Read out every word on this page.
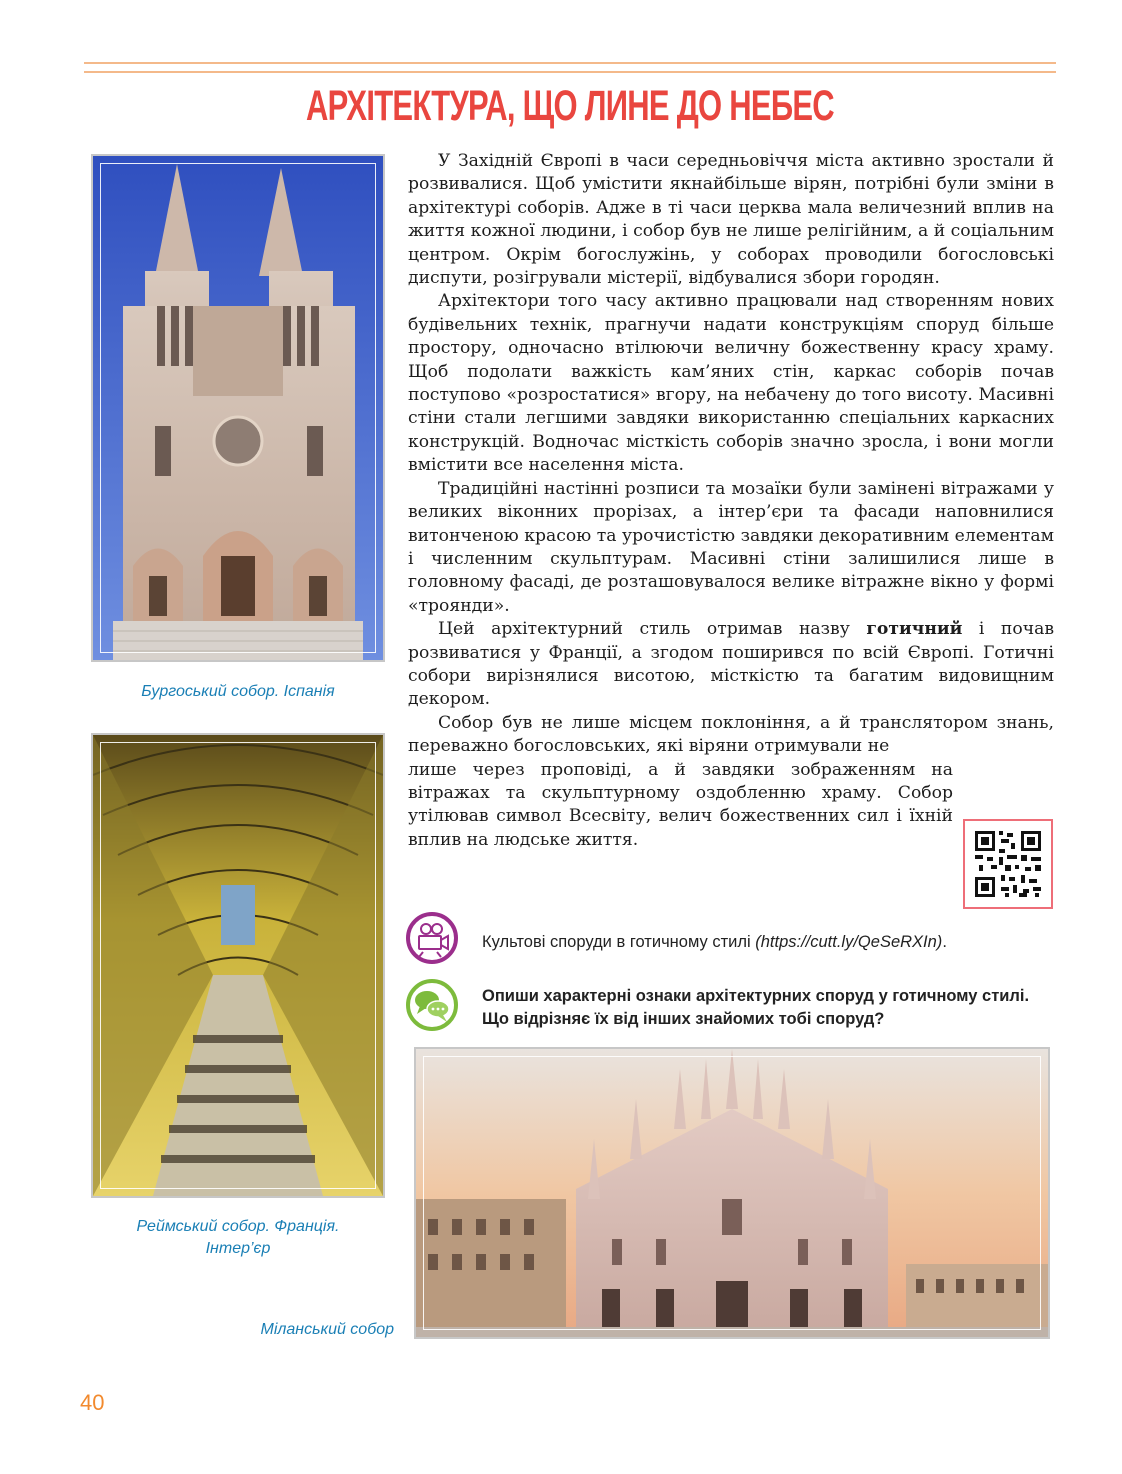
АРХІТЕКТУРА, ЩО ЛИНЕ ДО НЕБЕС
Бургоський собор. Іспанія
Реймський собор. Франція.
Інтер’єр
Міланський собор

У Західній Європі в часи середньовіччя міста активно зростали й розвивалися. Щоб умістити якнайбільше вірян, потрібні були зміни в архітектурі соборів. Адже в ті часи церква мала величезний вплив на життя кожної людини, і собор був не лише релігійним, а й соціальним центром. Окрім богослужінь, у соборах проводили богословські диспути, розігрували містерії, відбувалися збори городян.

Архітектори того часу активно працювали над створенням нових будівельних технік, прагнучи надати конструкціям споруд більше простору, одночасно втілюючи величну божественну красу храму. Щоб подолати важкість кам’яних стін, каркас соборів почав поступово «розростатися» вгору, на небачену до того висоту. Масивні стіни стали легшими завдяки використанню спеціальних каркасних конструкцій. Водночас місткість соборів значно зросла, і вони могли вмістити все населення міста.

Традиційні настінні розписи та мозаїки були замінені вітражами у великих віконних прорізах, а інтер’єри та фасади наповнилися витонченою красою та урочистістю завдяки декоративним елементам і численним скульптурам. Масивні стіни залишилися лише в головному фасаді, де розташовувалося велике вітражне вікно у формі «троянди».

Цей архітектурний стиль отримав назву готичний і почав розвиватися у Франції, а згодом поширився по всій Європі. Готичні собори вирізнялися висотою, місткістю та багатим видовищним декором.

Собор був не лише місцем поклоніння, а й транслятором знань, переважно богословських, які віряни отримували не

лише через проповіді, а й завдяки зображенням на вітражах та скульптурному оздобленню храму. Собор утілював символ Всесвіту, велич божественних сил і їхній вплив на людське життя.

Культові споруди в готичному стилі (https://cutt.ly/QeSeRXIn).
Опиши характерні ознаки архітектурних споруд у готичному стилі. Що відрізняє їх від інших знайомих тобі споруд?
40
